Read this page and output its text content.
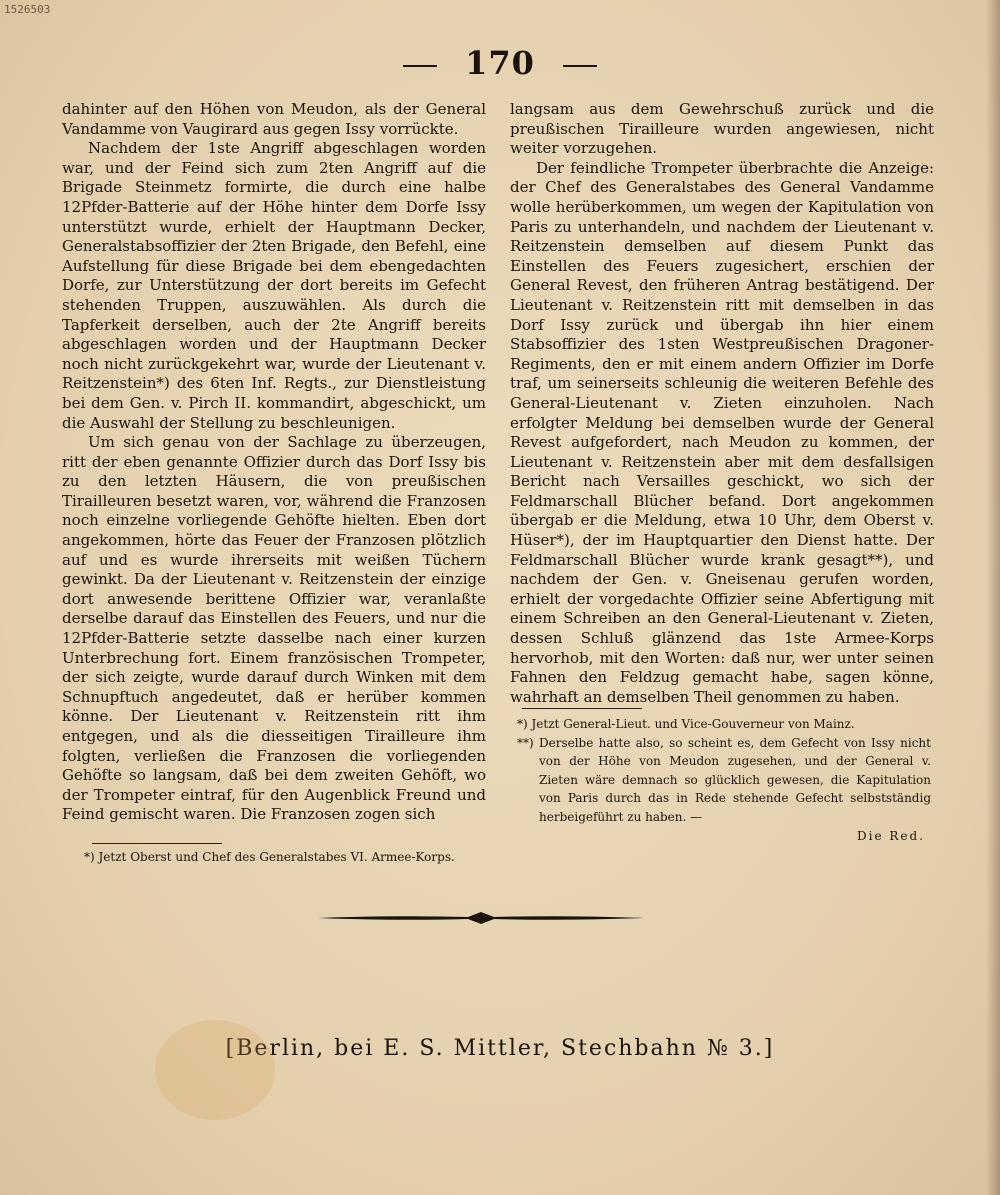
1526503
170

dahinter auf den Höhen von Meudon, als der General Vandamme von Vaugirard aus gegen Issy vorrückte.

Nachdem der 1ste Angriff abgeschlagen worden war, und der Feind sich zum 2ten Angriff auf die Brigade Steinmetz formirte, die durch eine halbe 12Pfder-Batterie auf der Höhe hinter dem Dorfe Issy unterstützt wurde, erhielt der Hauptmann Decker, Generalstabsoffizier der 2ten Brigade, den Befehl, eine Aufstellung für diese Brigade bei dem ebengedachten Dorfe, zur Unterstützung der dort bereits im Gefecht stehenden Truppen, auszuwählen. Als durch die Tapferkeit derselben, auch der 2te Angriff bereits abgeschlagen worden und der Hauptmann Decker noch nicht zurückgekehrt war, wurde der Lieutenant v. Reitzenstein*) des 6ten Inf. Regts., zur Dienstleistung bei dem Gen. v. Pirch II. kommandirt, abgeschickt, um die Auswahl der Stellung zu beschleunigen.

Um sich genau von der Sachlage zu überzeugen, ritt der eben genannte Offizier durch das Dorf Issy bis zu den letzten Häusern, die von preußischen Tirailleuren besetzt waren, vor, während die Franzosen noch einzelne vorliegende Gehöfte hielten. Eben dort angekommen, hörte das Feuer der Franzosen plötzlich auf und es wurde ihrerseits mit weißen Tüchern gewinkt. Da der Lieutenant v. Reitzenstein der einzige dort anwesende berittene Offizier war, veranlaßte derselbe darauf das Einstellen des Feuers, und nur die 12Pfder-Batterie setzte dasselbe nach einer kurzen Unterbrechung fort. Einem französischen Trompeter, der sich zeigte, wurde darauf durch Winken mit dem Schnupftuch angedeutet, daß er herüber kommen könne. Der Lieutenant v. Reitzenstein ritt ihm entgegen, und als die diesseitigen Tirailleure ihm folgten, verließen die Franzosen die vorliegenden Gehöfte so langsam, daß bei dem zweiten Gehöft, wo der Trompeter eintraf, für den Augenblick Freund und Feind gemischt waren. Die Franzosen zogen sich

langsam aus dem Gewehrschuß zurück und die preußischen Tirailleure wurden angewiesen, nicht weiter vorzugehen.

Der feindliche Trompeter überbrachte die Anzeige: der Chef des Generalstabes des General Vandamme wolle herüberkommen, um wegen der Kapitulation von Paris zu unterhandeln, und nachdem der Lieutenant v. Reitzenstein demselben auf diesem Punkt das Einstellen des Feuers zugesichert, erschien der General Revest, den früheren Antrag bestätigend. Der Lieutenant v. Reitzenstein ritt mit demselben in das Dorf Issy zurück und übergab ihn hier einem Stabsoffizier des 1sten Westpreußischen Dragoner-Regiments, den er mit einem andern Offizier im Dorfe traf, um seinerseits schleunig die weiteren Befehle des General-Lieutenant v. Zieten einzuholen. Nach erfolgter Meldung bei demselben wurde der General Revest aufgefordert, nach Meudon zu kommen, der Lieutenant v. Reitzenstein aber mit dem desfallsigen Bericht nach Versailles geschickt, wo sich der Feldmarschall Blücher befand. Dort angekommen übergab er die Meldung, etwa 10 Uhr, dem Oberst v. Hüser*), der im Hauptquartier den Dienst hatte. Der Feldmarschall Blücher wurde krank gesagt**), und nachdem der Gen. v. Gneisenau gerufen worden, erhielt der vorgedachte Offizier seine Abfertigung mit einem Schreiben an den General-Lieutenant v. Zieten, dessen Schluß glänzend das 1ste Armee-Korps hervorhob, mit den Worten: daß nur, wer unter seinen Fahnen den Feldzug gemacht habe, sagen könne, wahrhaft an demselben Theil genommen zu haben.

*) Jetzt Oberst und Chef des Generalstabes VI. Armee-Korps.

*) Jetzt General-Lieut. und Vice-Gouverneur von Mainz.

**) Derselbe hatte also, so scheint es, dem Gefecht von Issy nicht von der Höhe von Meudon zugesehen, und der General v. Zieten wäre demnach so glücklich gewesen, die Kapitulation von Paris durch das in Rede stehende Gefecht selbstständig herbeigeführt zu haben. —

Die Red.
[Berlin, bei E. S. Mittler, Stechbahn № 3.]
